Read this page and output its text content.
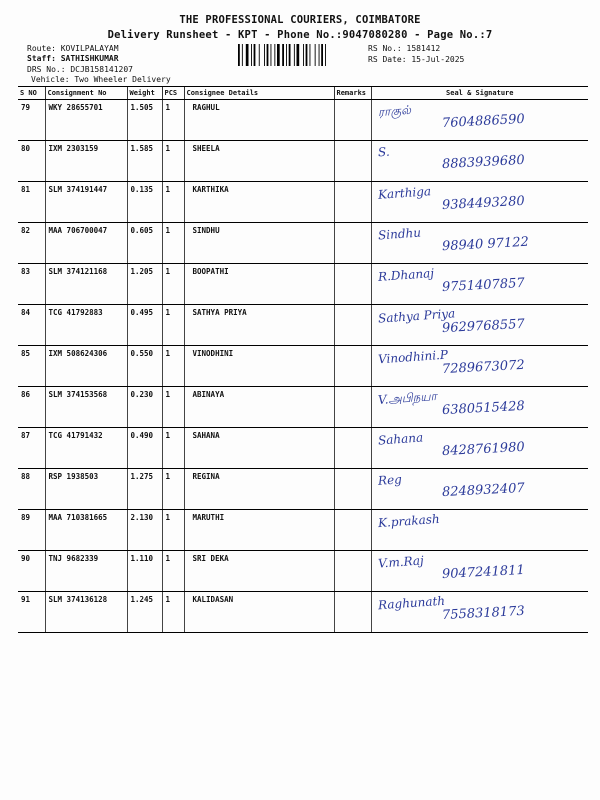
THE PROFESSIONAL COURIERS, COIMBATORE
Delivery Runsheet - KPT - Phone No.:9047080280 - Page No.:7
Route: KOVILPALAYAM
Staff: SATHISHKUMAR
DRS No.: DCJB158141207
Vehicle: Two Wheeler Delivery
RS No.: 1581412
RS Date: 15-Jul-2025
S NO	Consignment No	Weight	PCS	Consignee Details	Remarks	Seal & Signature
79	WKY 28655701	1.505	1	RAGHUL		ராகுல்
7604886590

80	IXM 2303159	1.585	1	SHEELA		S.
8883939680

81	SLM 374191447	0.135	1	KARTHIKA		Karthiga
9384493280

82	MAA 706700047	0.605	1	SINDHU		Sindhu
98940 97122

83	SLM 374121168	1.205	1	BOOPATHI		R.Dhanaj
9751407857

84	TCG 41792883	0.495	1	SATHYA PRIYA		Sathya Priya
9629768557

85	IXM 508624306	0.550	1	VINODHINI		Vinodhini.P
7289673072

86	SLM 374153568	0.230	1	ABINAYA		V.அபிநயா
6380515428

87	TCG 41791432	0.490	1	SAHANA		Sahana
8428761980

88	RSP 1938503	1.275	1	REGINA		Reg
8248932407

89	MAA 710381665	2.130	1	MARUTHI		K.prakash

90	TNJ 9682339	1.110	1	SRI DEKA		V.m.Raj
9047241811

91	SLM 374136128	1.245	1	KALIDASAN		Raghunath
7558318173
